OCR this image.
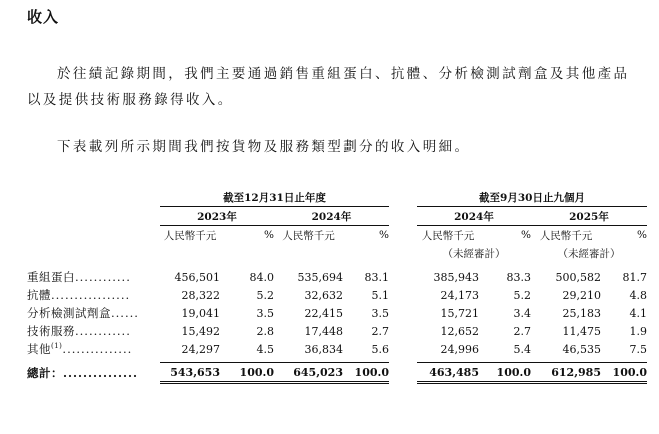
收入
於往績記錄期間，我們主要通過銷售重組蛋白、抗體、分析檢測試劑盒及其他產品以及提供技術服務錄得收入。
下表載列所示期間我們按貨物及服務類型劃分的收入明細。
	截至12月31日止年度					截至9月30日止九個月			
	2023年		2024年			2024年		2025年	
	人民幣千元	%	人民幣千元	%		人民幣千元	%	人民幣千元	%
						（未經審計）		（未經審計）	

重組蛋白............	456,501	84.0	535,694	83.1		385,943	83.3	500,582	81.7
抗體.................	28,322	5.2	32,632	5.1		24,173	5.2	29,210	4.8
分析檢測試劑盒......	19,041	3.5	22,415	3.5		15,721	3.4	25,183	4.1
技術服務............	15,492	2.8	17,448	2.7		12,652	2.7	11,475	1.9
其他$^{(1)}$...............	24,297	4.5	36,834	5.6		24,996	5.4	46,535	7.5

總計：...............	543,653	100.0	645,023	100.0		463,485	100.0	612,985	100.0
